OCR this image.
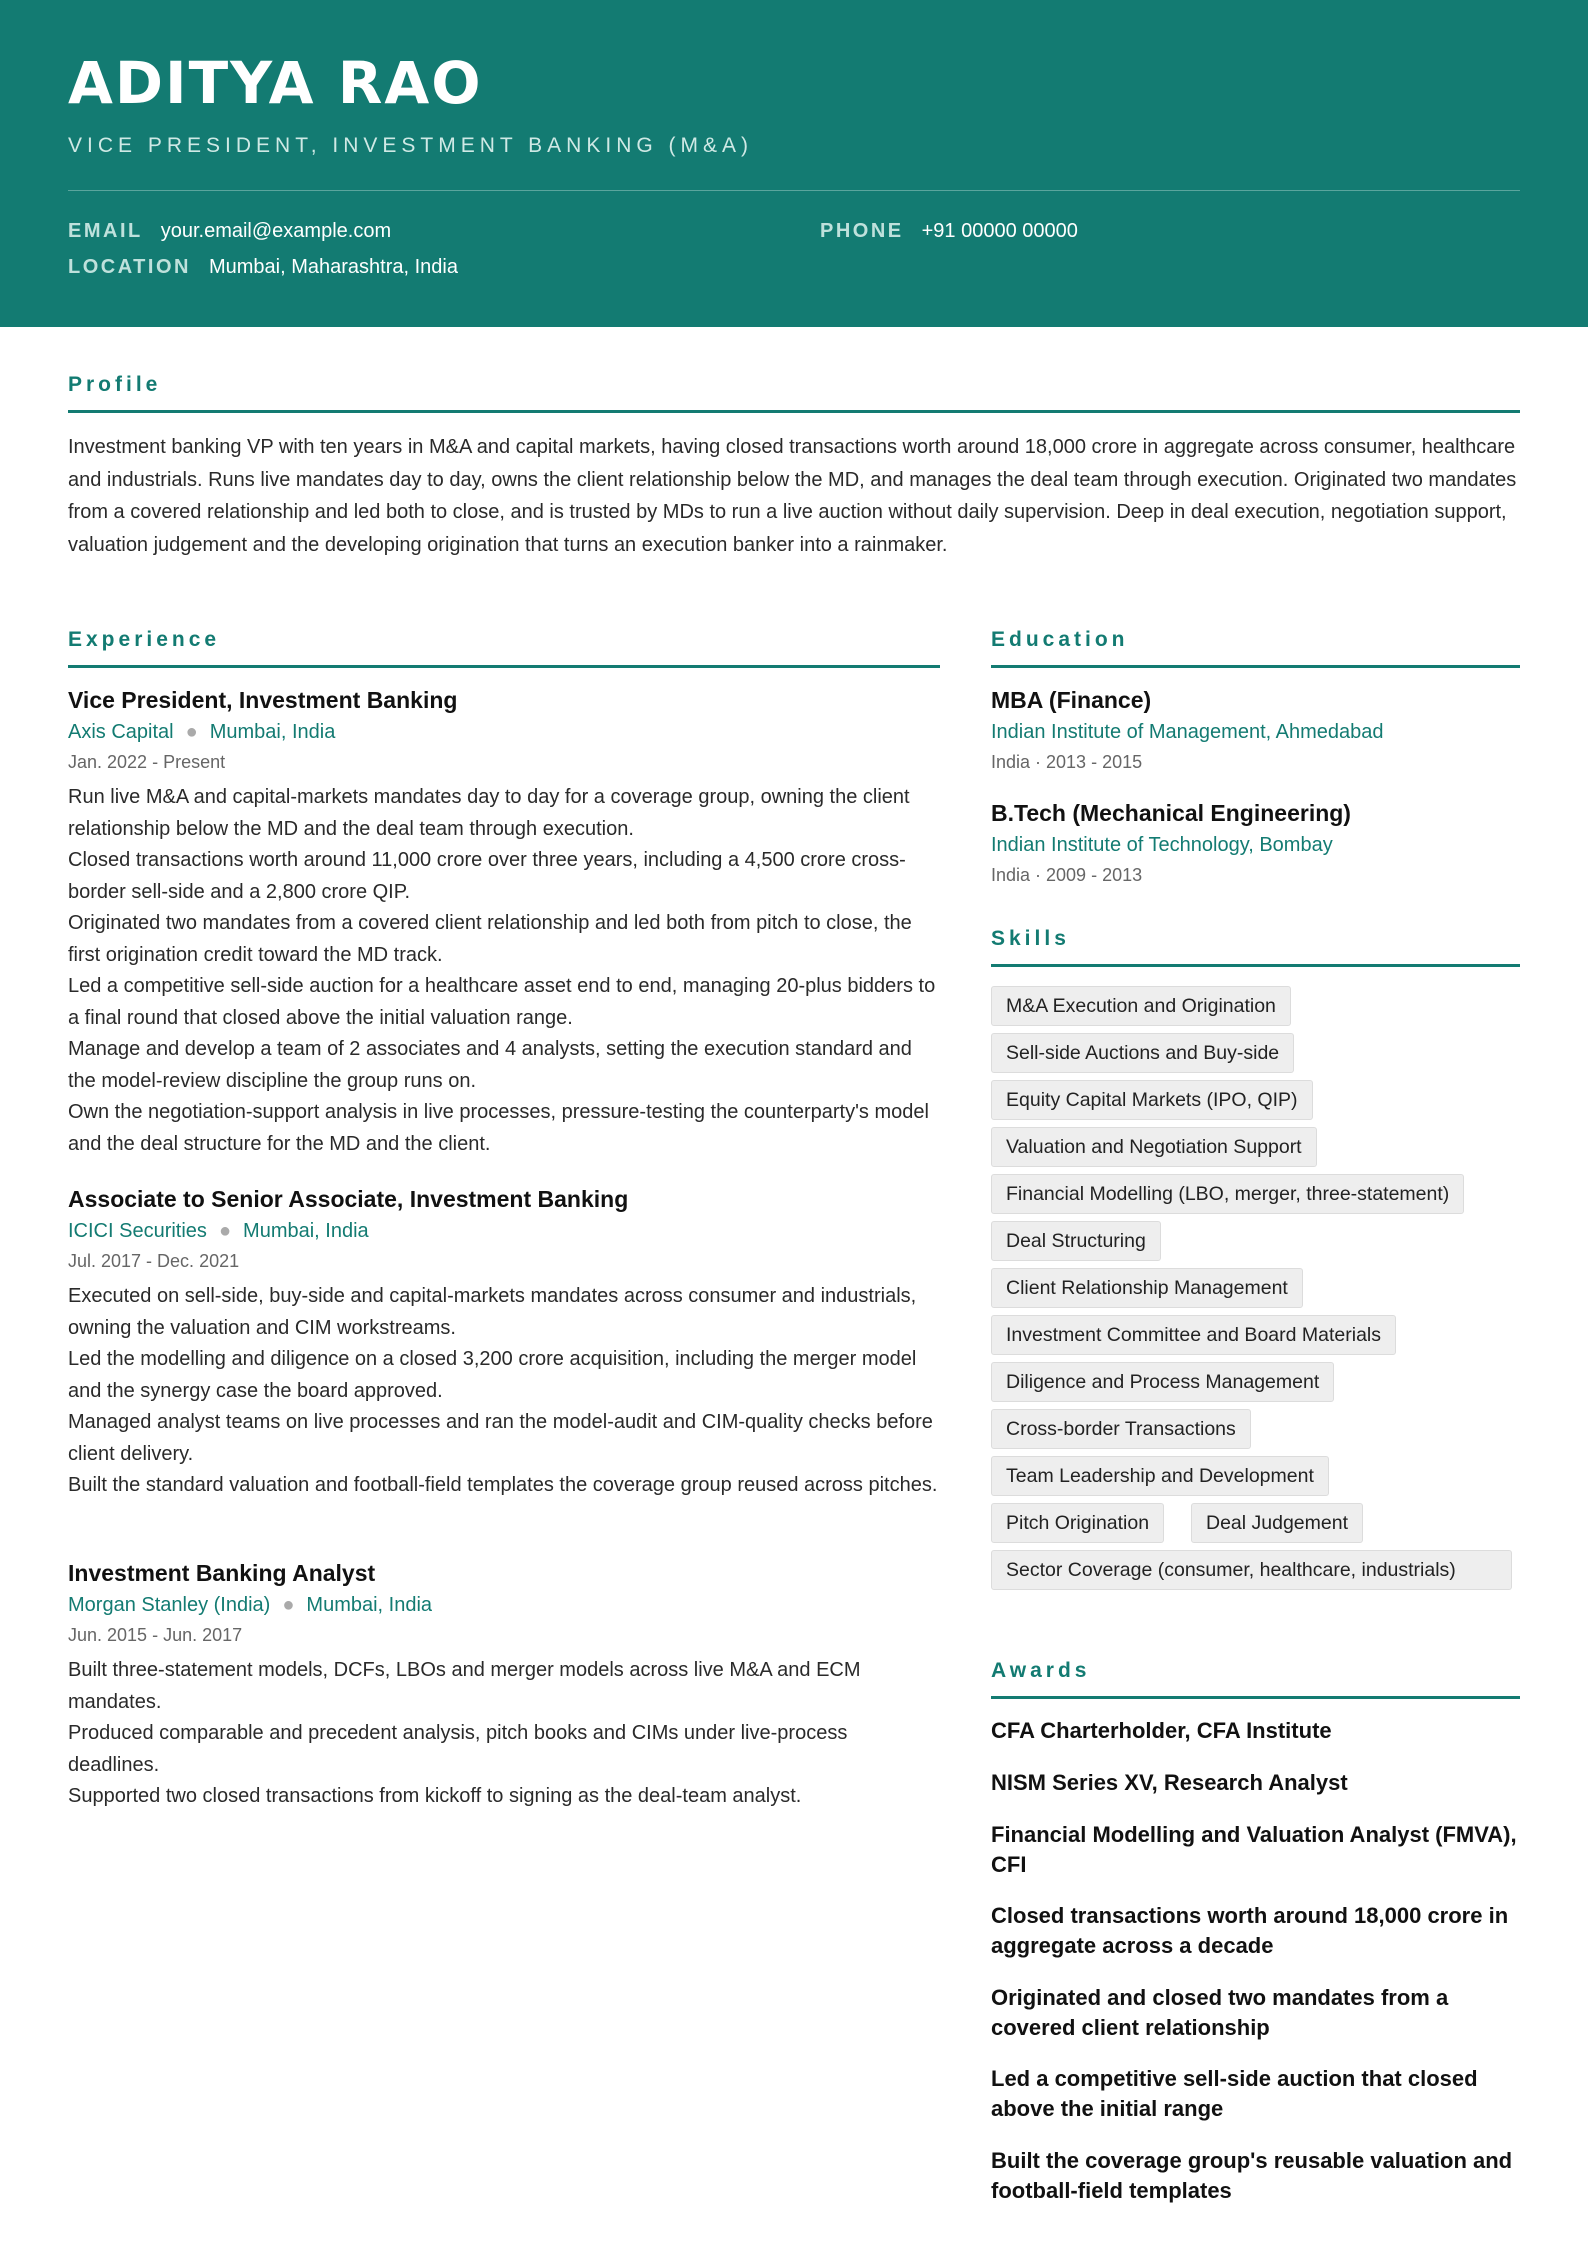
ADITYA RAO
VICE PRESIDENT, INVESTMENT BANKING (M&A)
EMAIL your.email@example.com	PHONE +91 00000 00000
LOCATION Mumbai, Maharashtra, India
Profile
Investment banking VP with ten years in M&A and capital markets, having closed transactions worth around 18,000 crore in aggregate across consumer, healthcare and industrials. Runs live mandates day to day, owns the client relationship below the MD, and manages the deal team through execution. Originated two mandates from a covered relationship and led both to close, and is trusted by MDs to run a live auction without daily supervision. Deep in deal execution, negotiation support, valuation judgement and the developing origination that turns an execution banker into a rainmaker.
Experience
Vice President, Investment Banking
Axis Capital ● Mumbai, India
Jan. 2022 - Present
Run live M&A and capital-markets mandates day to day for a coverage group, owning the client relationship below the MD and the deal team through execution.
Closed transactions worth around 11,000 crore over three years, including a 4,500 crore cross-border sell-side and a 2,800 crore QIP.
Originated two mandates from a covered client relationship and led both from pitch to close, the first origination credit toward the MD track.
Led a competitive sell-side auction for a healthcare asset end to end, managing 20-plus bidders to a final round that closed above the initial valuation range.
Manage and develop a team of 2 associates and 4 analysts, setting the execution standard and the model-review discipline the group runs on.
Own the negotiation-support analysis in live processes, pressure-testing the counterparty's model and the deal structure for the MD and the client.
Associate to Senior Associate, Investment Banking
ICICI Securities ● Mumbai, India
Jul. 2017 - Dec. 2021
Executed on sell-side, buy-side and capital-markets mandates across consumer and industrials, owning the valuation and CIM workstreams.
Led the modelling and diligence on a closed 3,200 crore acquisition, including the merger model and the synergy case the board approved.
Managed analyst teams on live processes and ran the model-audit and CIM-quality checks before client delivery.
Built the standard valuation and football-field templates the coverage group reused across pitches.
Investment Banking Analyst
Morgan Stanley (India) ● Mumbai, India
Jun. 2015 - Jun. 2017
Built three-statement models, DCFs, LBOs and merger models across live M&A and ECM mandates.
Produced comparable and precedent analysis, pitch books and CIMs under live-process deadlines.
Supported two closed transactions from kickoff to signing as the deal-team analyst.
Education
MBA (Finance)
Indian Institute of Management, Ahmedabad
India · 2013 - 2015
B.Tech (Mechanical Engineering)
Indian Institute of Technology, Bombay
India · 2009 - 2013
Skills
M&A Execution and Origination
Sell-side Auctions and Buy-side
Equity Capital Markets (IPO, QIP)
Valuation and Negotiation Support
Financial Modelling (LBO, merger, three-statement)
Deal Structuring
Client Relationship Management
Investment Committee and Board Materials
Diligence and Process Management
Cross-border Transactions
Team Leadership and Development
Pitch Origination	Deal Judgement
Sector Coverage (consumer, healthcare, industrials)
Awards
CFA Charterholder, CFA Institute
NISM Series XV, Research Analyst
Financial Modelling and Valuation Analyst (FMVA), CFI
Closed transactions worth around 18,000 crore in aggregate across a decade
Originated and closed two mandates from a covered client relationship
Led a competitive sell-side auction that closed above the initial range
Built the coverage group's reusable valuation and football-field templates
